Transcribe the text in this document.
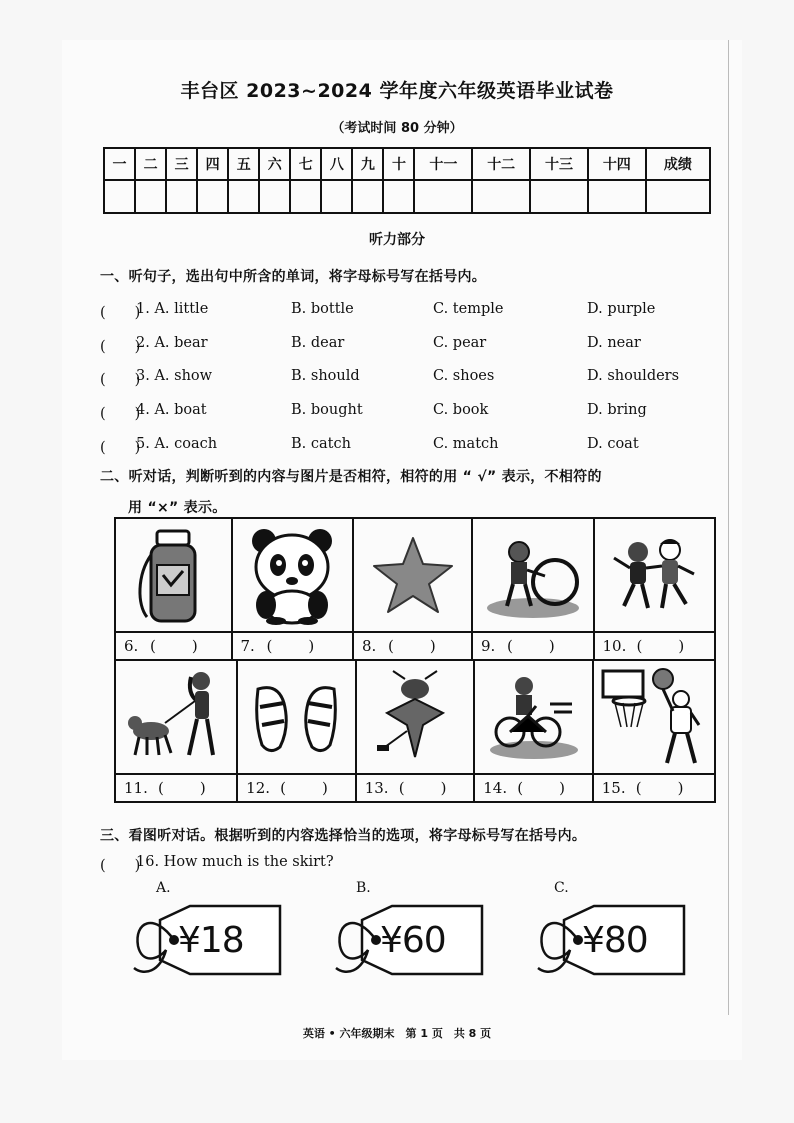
丰台区 2023~2024 学年度六年级英语毕业试卷
（考试时间 80 分钟）
一	二	三	四	五	六	七	八	九	十	十一	十二	十三	十四	成绩

听力部分
一、听句子，选出句中所含的单词，将字母标号写在括号内。
(　　)
1. A. little	B. bottle	C. temple	D. purple
(　　)
2. A. bear	B. dear	C. pear	D. near
(　　)
3. A. show	B. should	C. shoes	D. shoulders
(　　)
4. A. boat	B. bought	C. book	D. bring
(　　)
5. A. coach	B. catch	C. match	D. coat
二、听对话，判断听到的内容与图片是否相符，相符的用 “ √” 表示，不相符的
用 “×” 表示。

6. ( )	7. ( )	8. ( )	9. ( )	10. ( )

11. ( )	12. ( )	13. ( )	14. ( )	15. ( )
三、看图听对话。根据听到的内容选择恰当的选项，将字母标号写在括号内。
(　　)
16. How much is the skirt?
A.
¥18
B.
¥60
C.
¥80
英语 • 六年级期末　第 1 页　共 8 页
